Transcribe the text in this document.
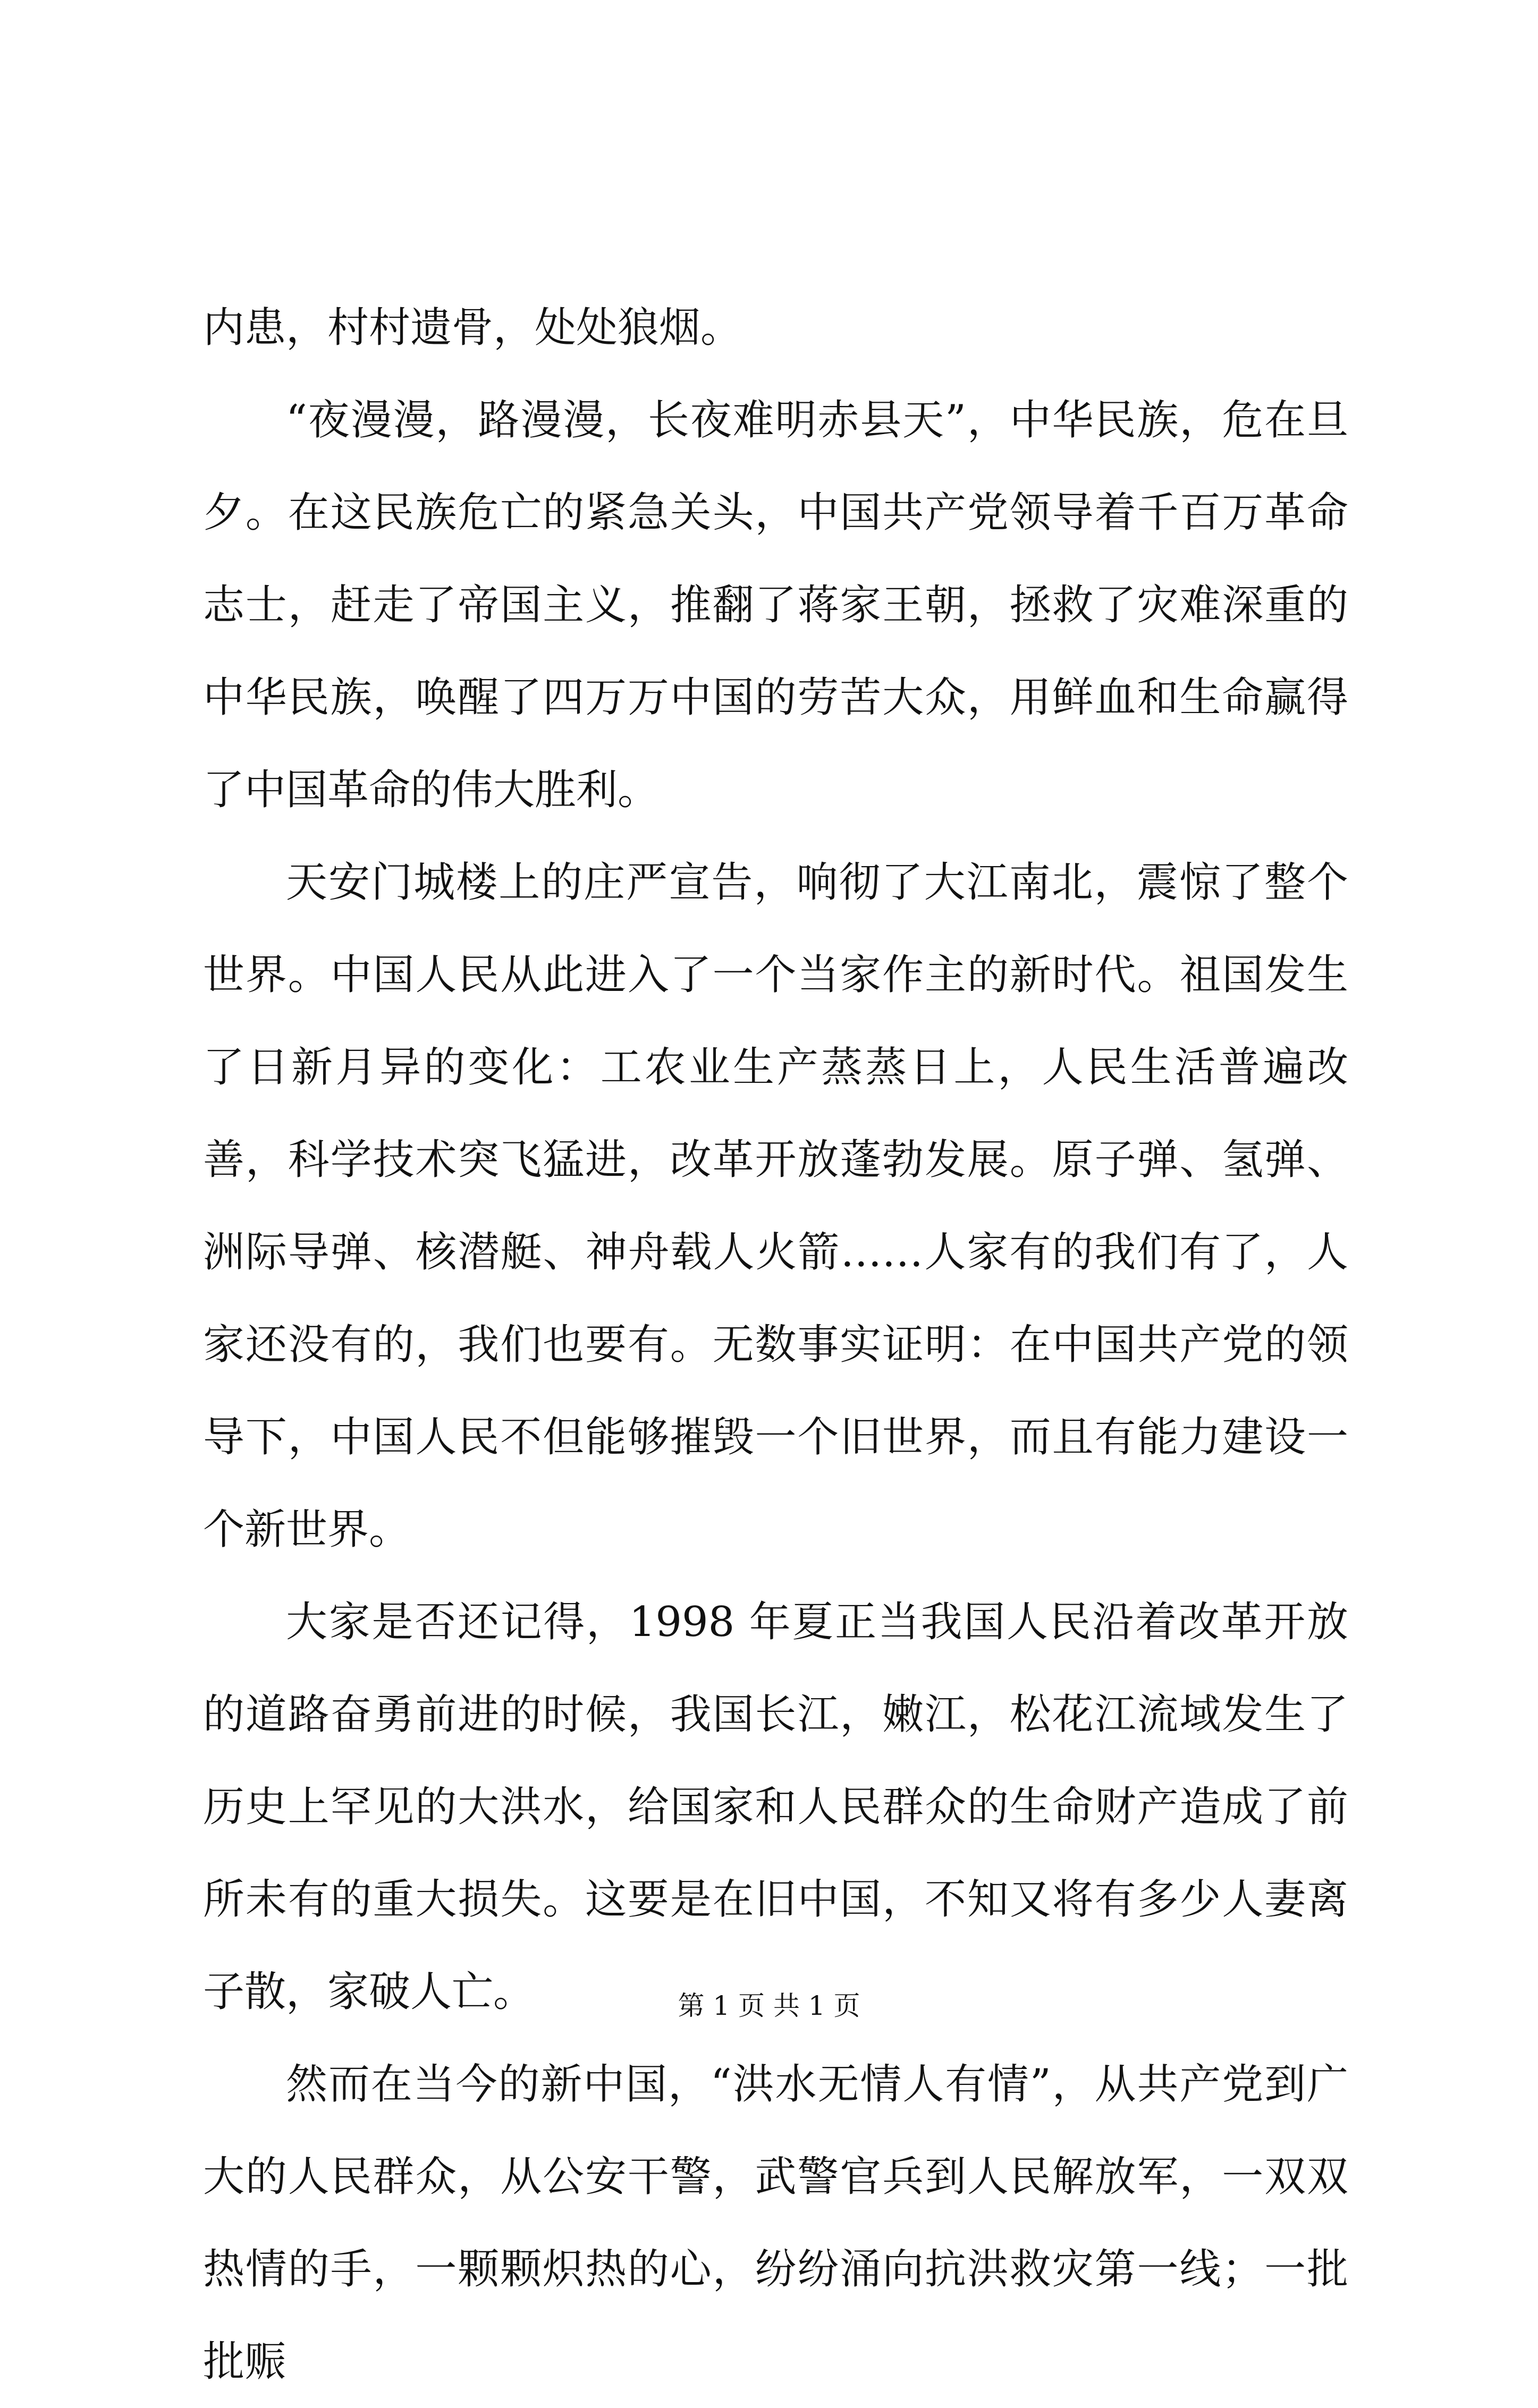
内患，村村遗骨，处处狼烟。

“夜漫漫，路漫漫，长夜难明赤县天”，中华民族，危在旦夕。在这民族危亡的紧急关头，中国共产党领导着千百万革命志士，赶走了帝国主义，推翻了蒋家王朝，拯救了灾难深重的中华民族，唤醒了四万万中国的劳苦大众，用鲜血和生命赢得了中国革命的伟大胜利。

天安门城楼上的庄严宣告，响彻了大江南北，震惊了整个世界。中国人民从此进入了一个当家作主的新时代。祖国发生了日新月异的变化：工农业生产蒸蒸日上，人民生活普遍改善，科学技术突飞猛进，改革开放蓬勃发展。原子弹、氢弹、洲际导弹、核潜艇、神舟载人火箭……人家有的我们有了，人家还没有的，我们也要有。无数事实证明：在中国共产党的领导下，中国人民不但能够摧毁一个旧世界，而且有能力建设一个新世界。

大家是否还记得，1998 年夏正当我国人民沿着改革开放的道路奋勇前进的时候，我国长江，嫩江，松花江流域发生了历史上罕见的大洪水，给国家和人民群众的生命财产造成了前所未有的重大损失。这要是在旧中国，不知又将有多少人妻离子散，家破人亡。

然而在当今的新中国，“洪水无情人有情”，从共产党到广大的人民群众，从公安干警，武警官兵到人民解放军，一双双热情的手，一颗颗炽热的心，纷纷涌向抗洪救灾第一线；一批批赈

第 1 页 共 1 页
